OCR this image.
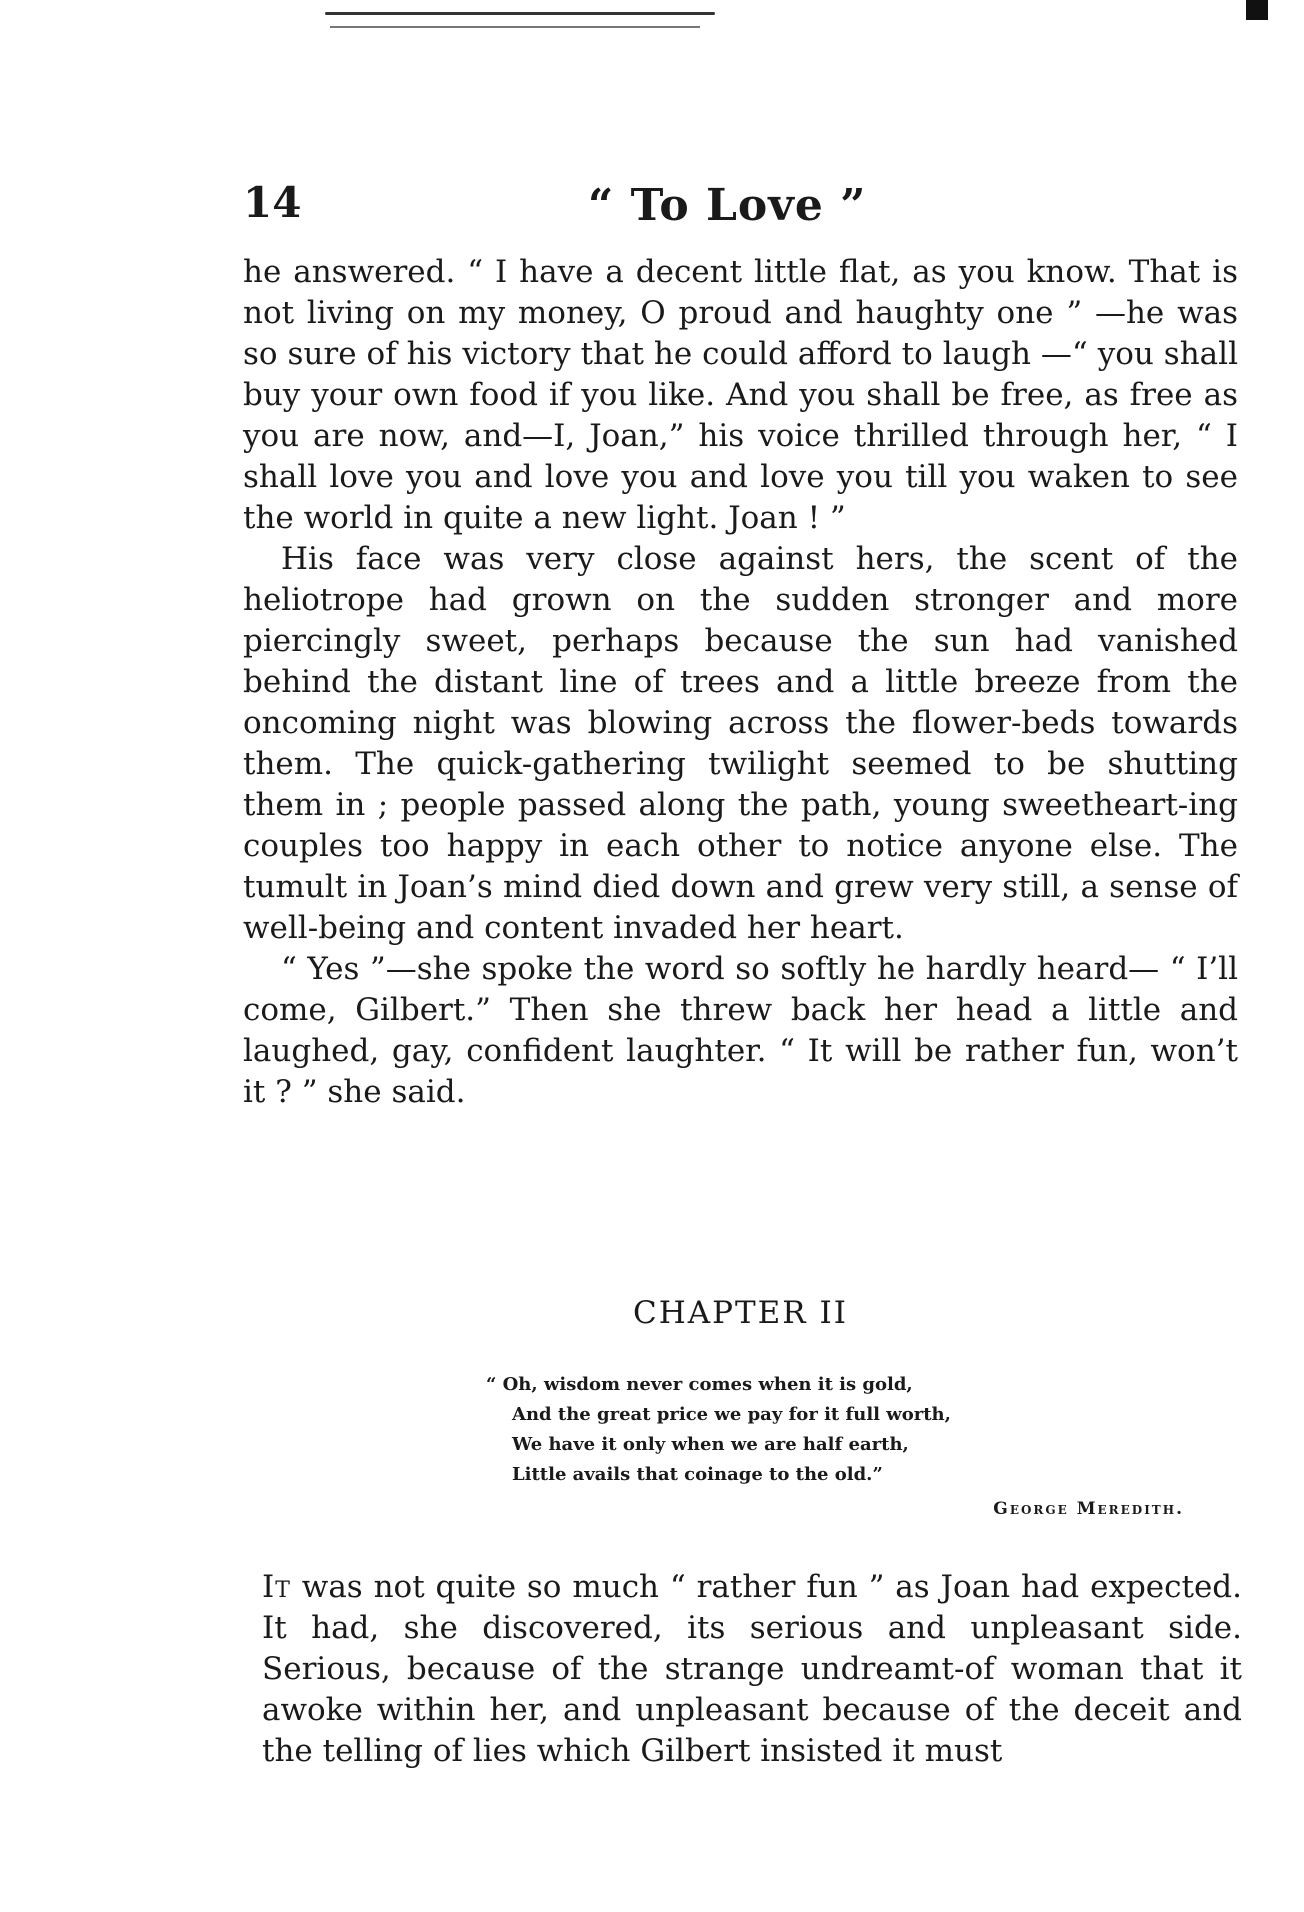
14	“ To Love ”

he answered. “ I have a decent little flat, as you know. That is not living on my money, O proud and haughty one ” —he was so sure of his victory that he could afford to laugh —“ you shall buy your own food if you like. And you shall be free, as free as you are now, and—I, Joan,” his voice thrilled through her, “ I shall love you and love you and love you till you waken to see the world in quite a new light. Joan ! ”

His face was very close against hers, the scent of the heliotrope had grown on the sudden stronger and more piercingly sweet, perhaps because the sun had vanished behind the distant line of trees and a little breeze from the oncoming night was blowing across the flower-beds towards them. The quick-gathering twilight seemed to be shutting them in ; people passed along the path, young sweetheart-ing couples too happy in each other to notice anyone else. The tumult in Joan’s mind died down and grew very still, a sense of well-being and content invaded her heart.

“ Yes ”—she spoke the word so softly he hardly heard— “ I’ll come, Gilbert.” Then she threw back her head a little and laughed, gay, confident laughter. “ It will be rather fun, won’t it ? ” she said.

CHAPTER II

“ Oh, wisdom never comes when it is gold,

And the great price we pay for it full worth,

We have it only when we are half earth,

Little avails that coinage to the old.”

George Meredith.

It was not quite so much “ rather fun ” as Joan had expected. It had, she discovered, its serious and unpleasant side. Serious, because of the strange undreamt-of woman that it awoke within her, and unpleasant because of the deceit and the telling of lies which Gilbert insisted it must
